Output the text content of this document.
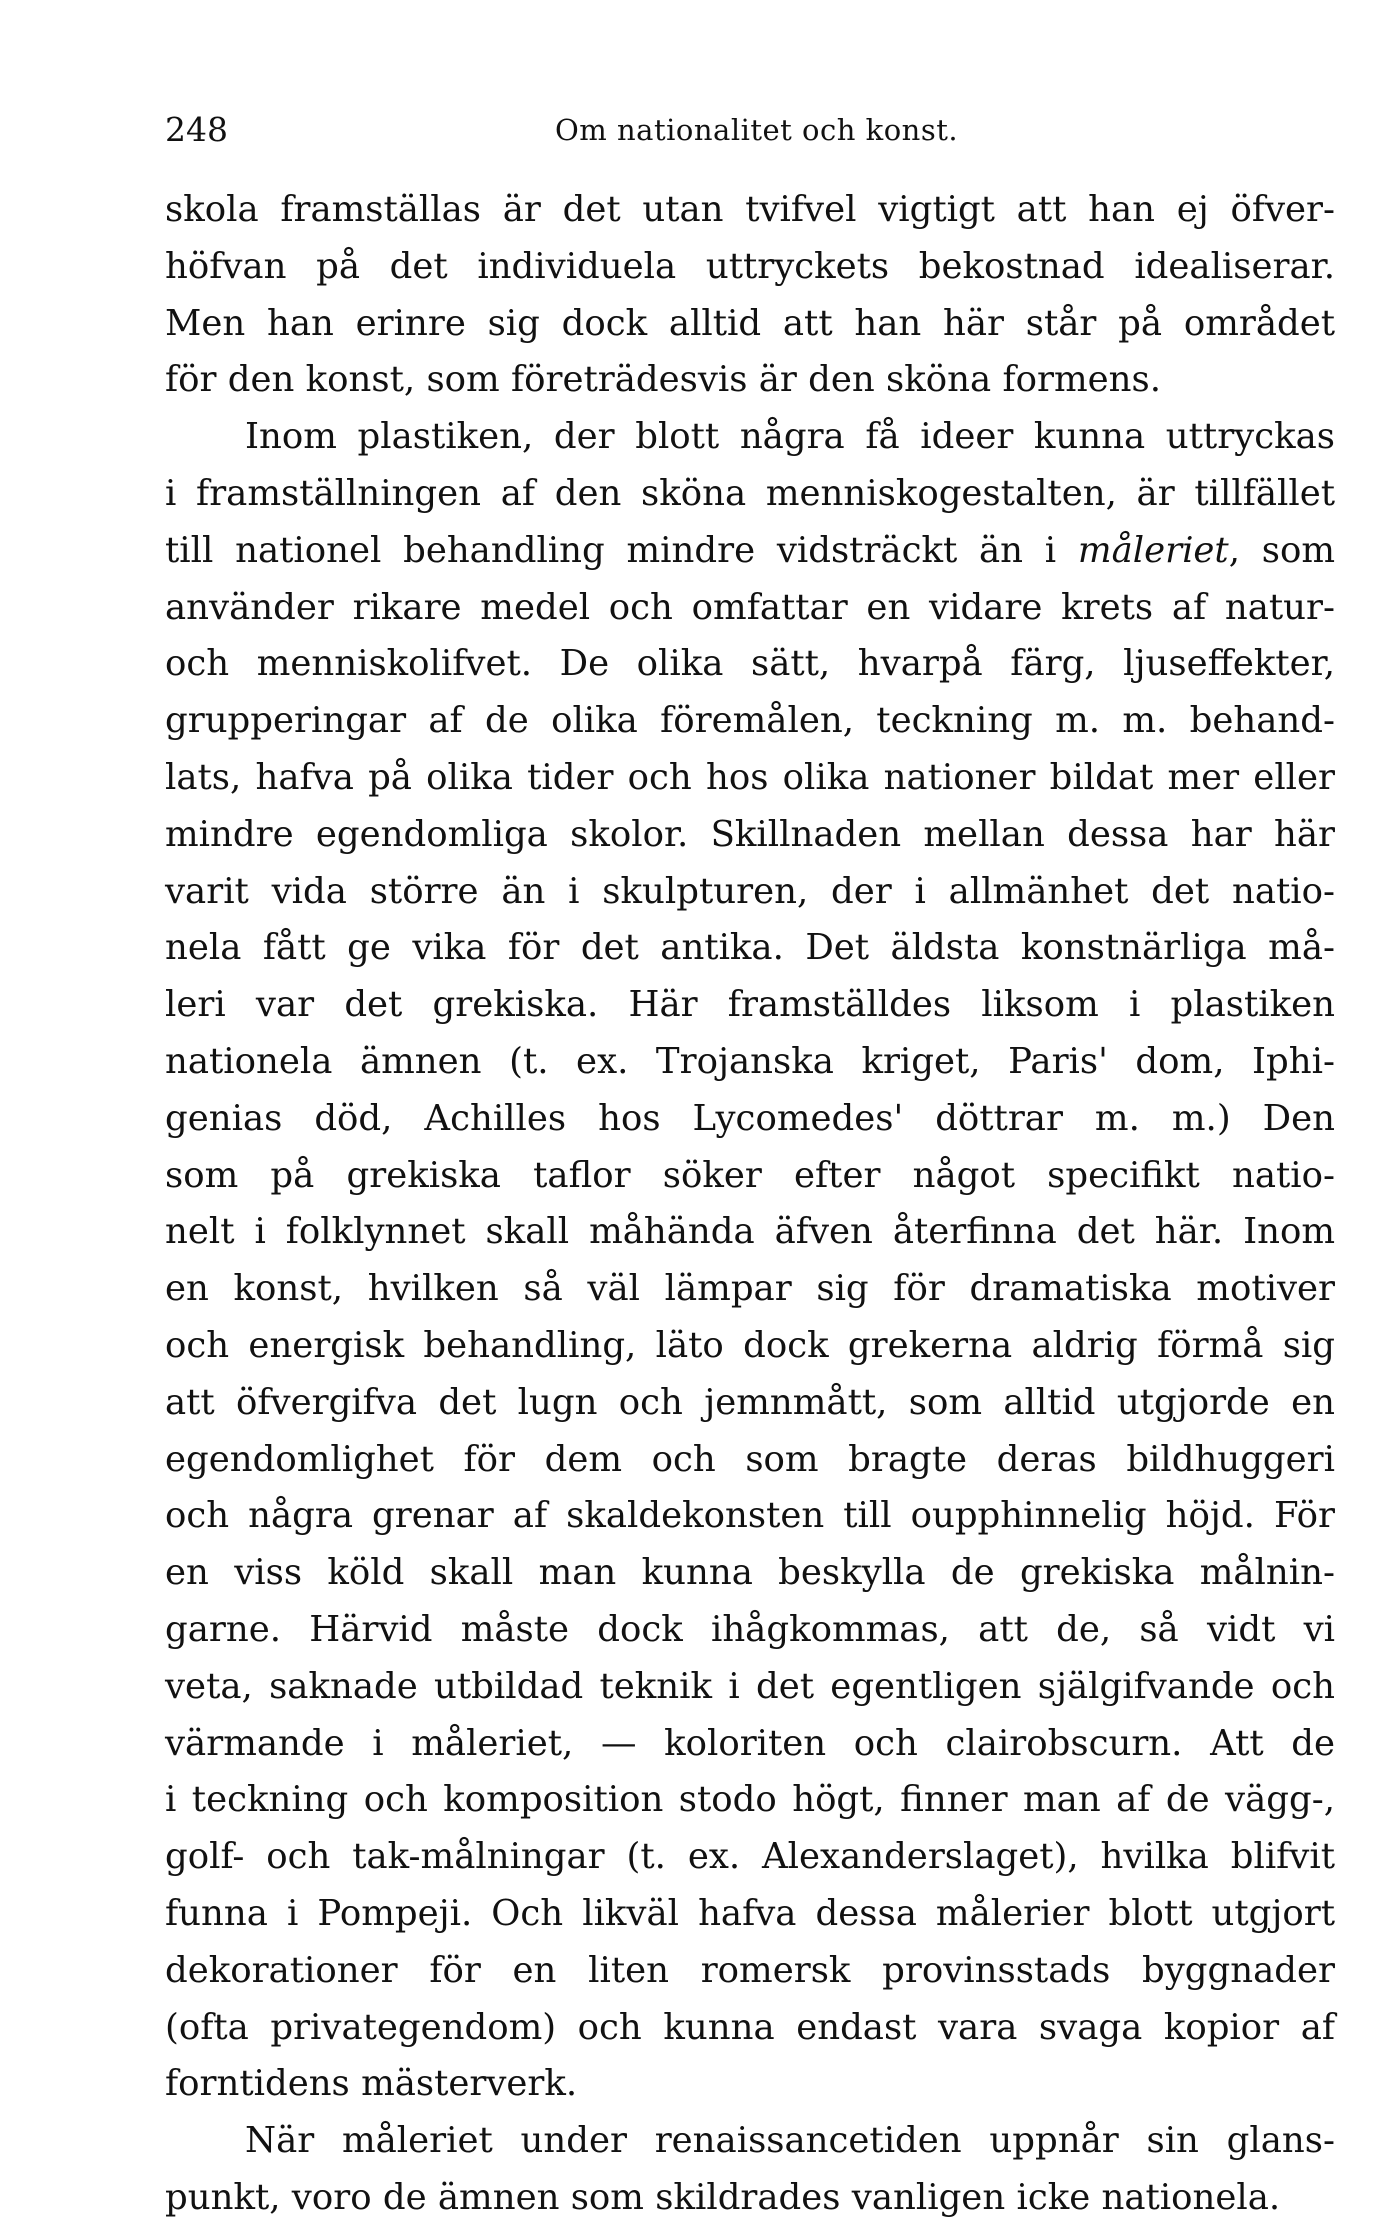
248	Om nationalitet och konst.

skola framställas är det utan tvifvel vigtigt att han ej öfver-
höfvan på det individuela uttryckets bekostnad idealiserar.
Men han erinre sig dock alltid att han här står på området
för den konst, som företrädesvis är den sköna formens.

Inom plastiken, der blott några få ideer kunna uttryckas
i framställningen af den sköna menniskogestalten, är tillfället
till nationel behandling mindre vidsträckt än i måleriet, som
använder rikare medel och omfattar en vidare krets af natur-
och menniskolifvet. De olika sätt, hvarpå färg, ljuseffekter,
grupperingar af de olika föremålen, teckning m. m. behand-
lats, hafva på olika tider och hos olika nationer bildat mer eller
mindre egendomliga skolor. Skillnaden mellan dessa har här
varit vida större än i skulpturen, der i allmänhet det natio-
nela fått ge vika för det antika. Det äldsta konstnärliga må-
leri var det grekiska. Här framställdes liksom i plastiken
nationela ämnen (t. ex. Trojanska kriget, Paris' dom, Iphi-
genias död, Achilles hos Lycomedes' döttrar m. m.) Den
som på grekiska taflor söker efter något specifikt natio-
nelt i folklynnet skall måhända äfven återfinna det här. Inom
en konst, hvilken så väl lämpar sig för dramatiska motiver
och energisk behandling, läto dock grekerna aldrig förmå sig
att öfvergifva det lugn och jemnmått, som alltid utgjorde en
egendomlighet för dem och som bragte deras bildhuggeri
och några grenar af skaldekonsten till oupphinnelig höjd. För
en viss köld skall man kunna beskylla de grekiska målnin-
garne. Härvid måste dock ihågkommas, att de, så vidt vi
veta, saknade utbildad teknik i det egentligen själgifvande och
värmande i måleriet, — koloriten och clairobscurn. Att de
i teckning och komposition stodo högt, finner man af de vägg-,
golf- och tak-målningar (t. ex. Alexanderslaget), hvilka blifvit
funna i Pompeji. Och likväl hafva dessa målerier blott utgjort
dekorationer för en liten romersk provinsstads byggnader
(ofta privategendom) och kunna endast vara svaga kopior af
forntidens mästerverk.

När måleriet under renaissancetiden uppnår sin glans-
punkt, voro de ämnen som skildrades vanligen icke nationela.
